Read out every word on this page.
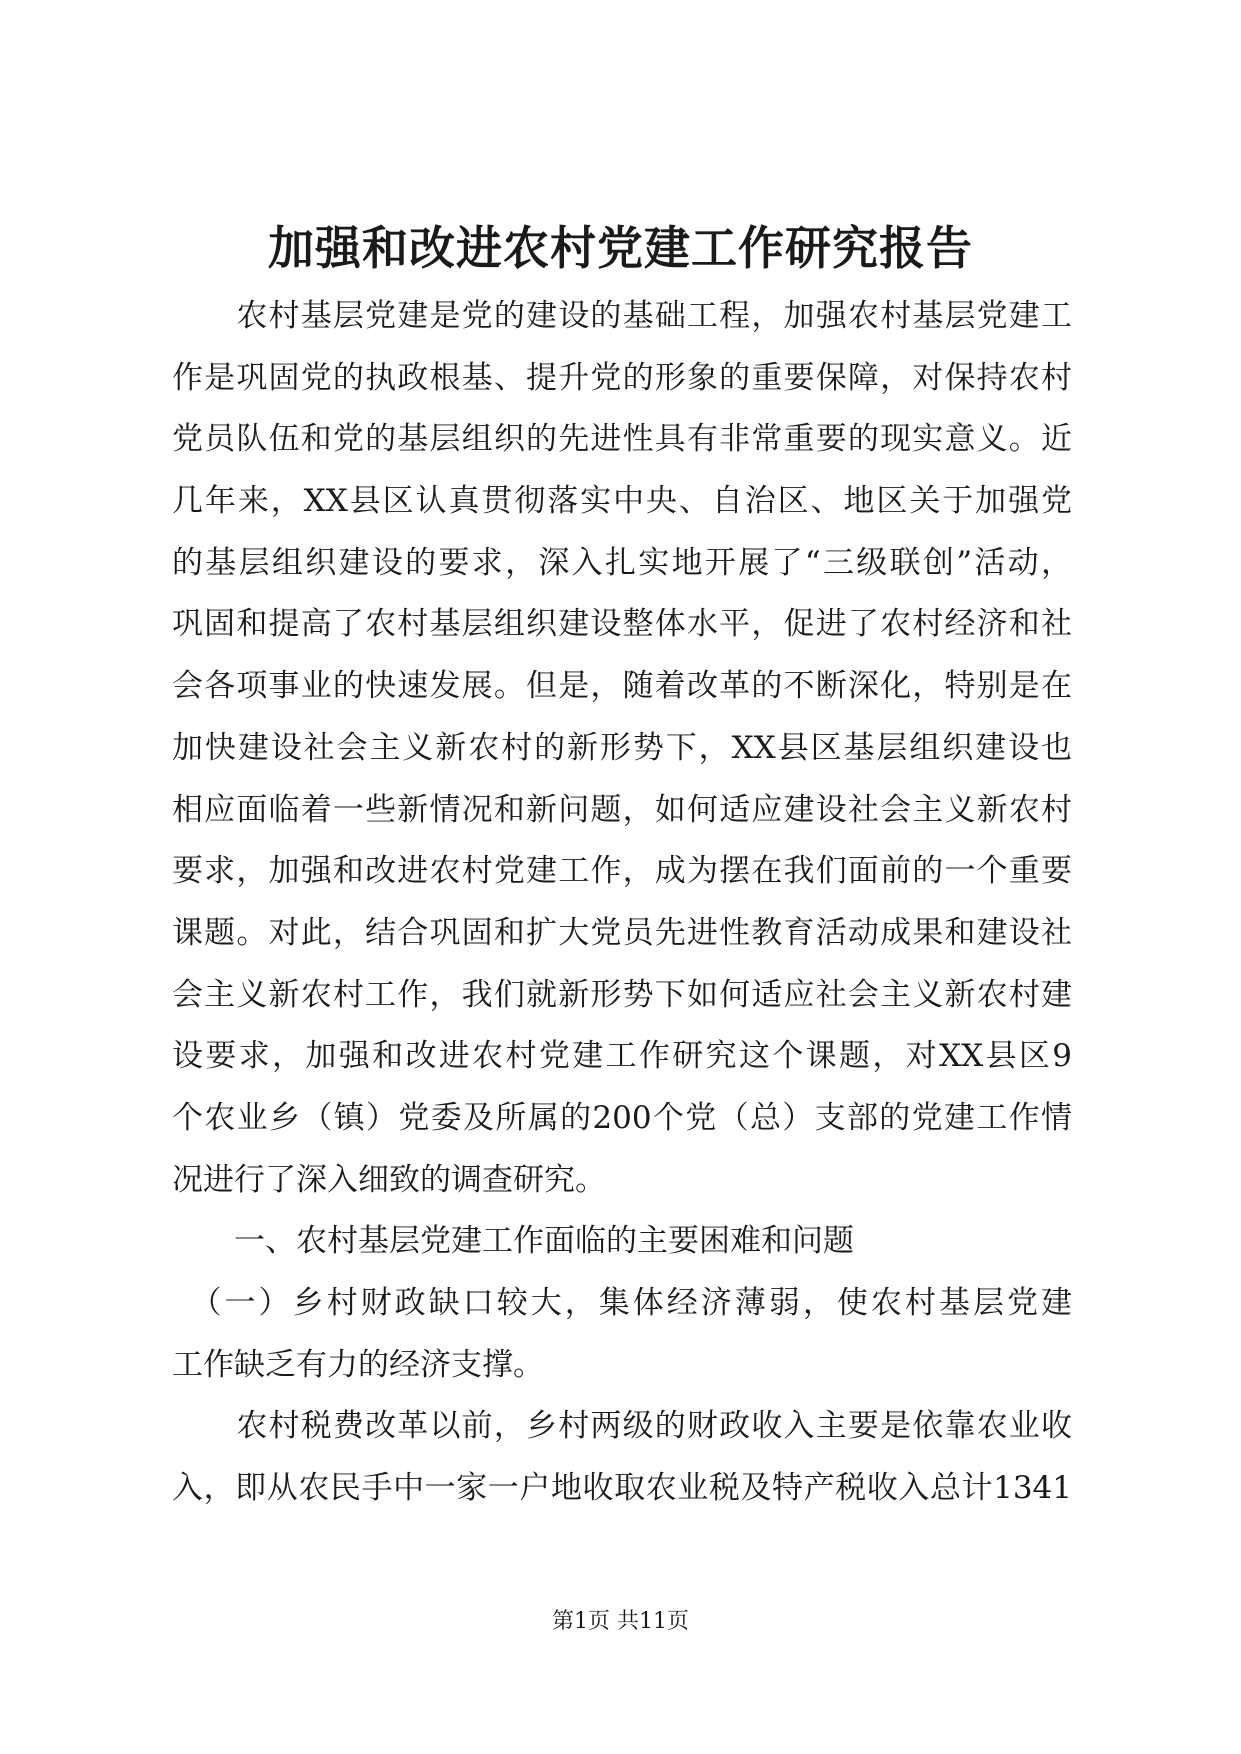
加强和改进农村党建工作研究报告
　　农村基层党建是党的建设的基础工程，加强农村基层党建工
作是巩固党的执政根基、提升党的形象的重要保障，对保持农村
党员队伍和党的基层组织的先进性具有非常重要的现实意义。近
几年来，XX县区认真贯彻落实中央、自治区、地区关于加强党
的基层组织建设的要求，深入扎实地开展了“三级联创”活动，
巩固和提高了农村基层组织建设整体水平，促进了农村经济和社
会各项事业的快速发展。但是，随着改革的不断深化，特别是在
加快建设社会主义新农村的新形势下，XX县区基层组织建设也
相应面临着一些新情况和新问题，如何适应建设社会主义新农村
要求，加强和改进农村党建工作，成为摆在我们面前的一个重要
课题。对此，结合巩固和扩大党员先进性教育活动成果和建设社
会主义新农村工作，我们就新形势下如何适应社会主义新农村建
设要求，加强和改进农村党建工作研究这个课题，对XX县区9
个农业乡（镇）党委及所属的200个党（总）支部的党建工作情
况进行了深入细致的调查研究。
　　一、农村基层党建工作面临的主要困难和问题
　（一）乡村财政缺口较大，集体经济薄弱，使农村基层党建
工作缺乏有力的经济支撑。
　　农村税费改革以前，乡村两级的财政收入主要是依靠农业收
入，即从农民手中一家一户地收取农业税及特产税收入总计1341
第1页 共11页
